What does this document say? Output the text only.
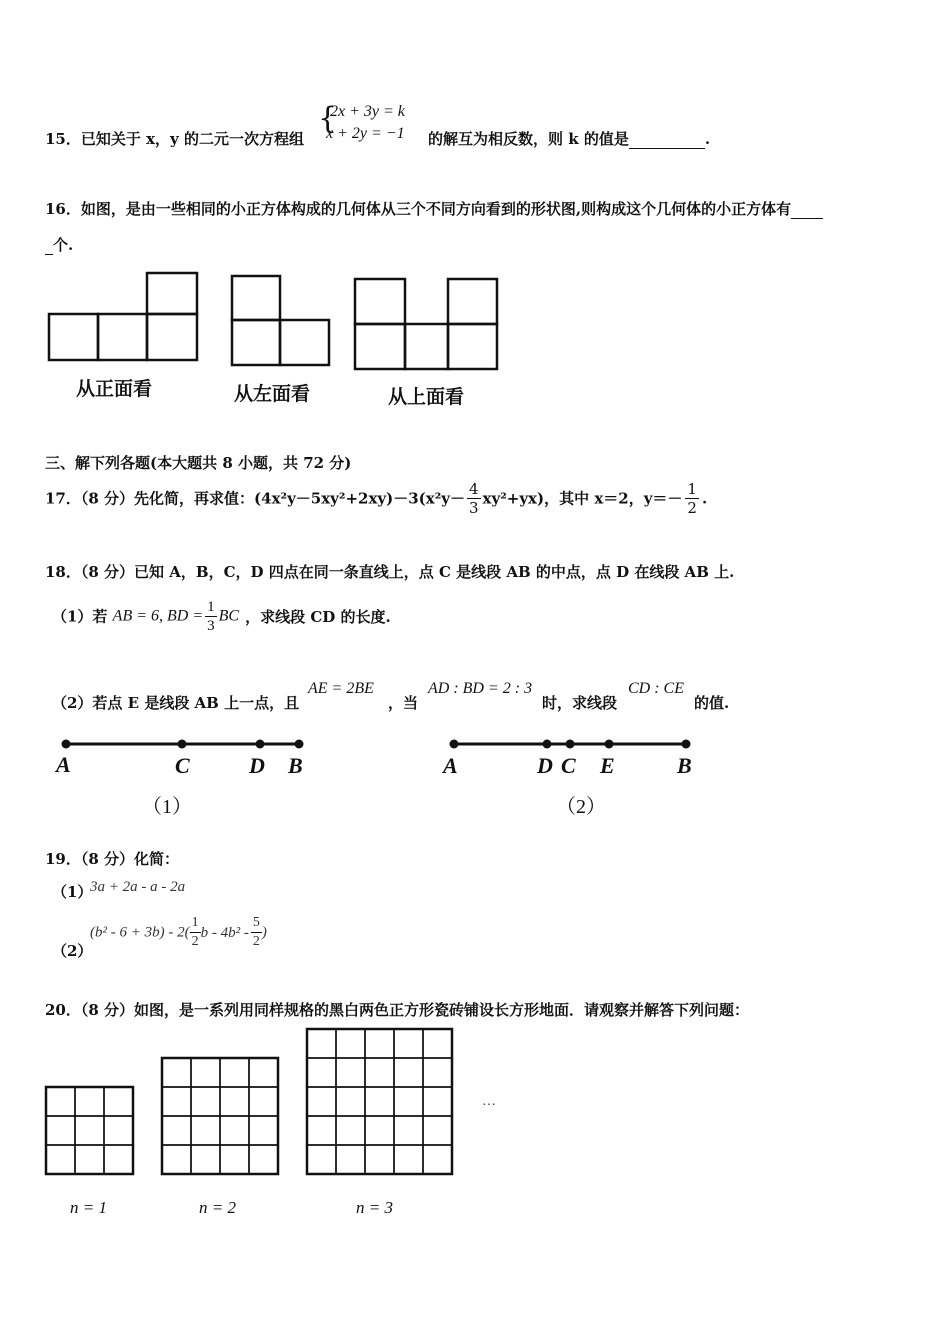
15．已知关于 x，y 的二元一次方程组
{
2x + 3y = k
x + 2y = −1 的解互为相反数，则 k 的值是	.
16．如图，是由一些相同的小正方体构成的几何体从三个不同方向看到的形状图,则构成这个几何体的小正方体有
个.
从正面看	从左面看	从上面看
三、解下列各题(本大题共 8 小题，共 72 分)
17．（8 分）先化简，再求值：$(4x^2y-5xy^2+2xy)-3(x^2y- \frac{4}{3} xy^2+yx)$，其中 x＝2，$y=- \frac{1}{2}$ .
18．（8 分）已知 A，B，C，D 四点在同一条直线上，点 C 是线段 AB 的中点，点 D 在线段 AB 上.
（1）若 AB = 6, BD = $\frac{1}{3}$ BC ，求线段 CD 的长度.
（2）若点 E 是线段 AB 上一点，且
AE = 2BE
，当
AD : BD = 2 : 3
时，求线段
CD : CE
的值.
A	C	D B
（1）
A	D C E	B
（2）
19．（8 分）化简：
（1）
3a + 2a - a - 2a
（2）
$(b^2 - 6 + 3b) - 2( \frac{1}{2}$ b - $4b^2 - \frac{5}{2}$ )
20．（8 分）如图，是一系列用同样规格的黑白两色正方形瓷砖铺设长方形地面．请观察并解答下列问题：
…
n = 1	n = 2	n = 3
